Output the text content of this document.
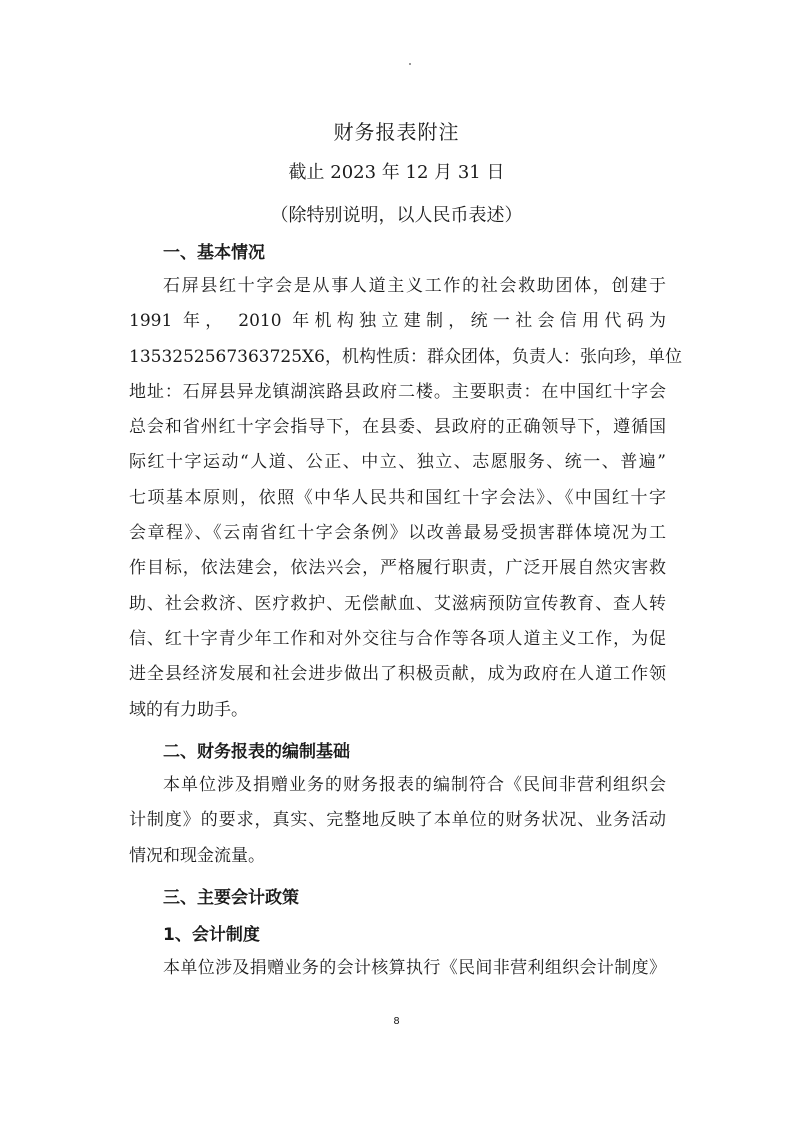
财务报表附注
截止 2023 年 12 月 31 日
（除特别说明，以人民币表述）
一、基本情况
石屏县红十字会是从事人道主义工作的社会救助团体，创建于
1991 年， 2010 年机构独立建制，统一社会信用代码为
1353252567363725X6，机构性质：群众团体，负责人：张向珍，单位
地址：石屏县异龙镇湖滨路县政府二楼。主要职责：在中国红十字会
总会和省州红十字会指导下，在县委、县政府的正确领导下，遵循国
际红十字运动“人道、公正、中立、独立、志愿服务、统一、普遍”
七项基本原则，依照《中华人民共和国红十字会法》、《中国红十字
会章程》、《云南省红十字会条例》以改善最易受损害群体境况为工
作目标，依法建会，依法兴会，严格履行职责，广泛开展自然灾害救
助、社会救济、医疗救护、无偿献血、艾滋病预防宣传教育、查人转
信、红十字青少年工作和对外交往与合作等各项人道主义工作，为促
进全县经济发展和社会进步做出了积极贡献，成为政府在人道工作领
域的有力助手。
二、财务报表的编制基础
本单位涉及捐赠业务的财务报表的编制符合《民间非营利组织会
计制度》的要求，真实、完整地反映了本单位的财务状况、业务活动
情况和现金流量。
三、主要会计政策
1、会计制度
本单位涉及捐赠业务的会计核算执行《民间非营利组织会计制度》
8
